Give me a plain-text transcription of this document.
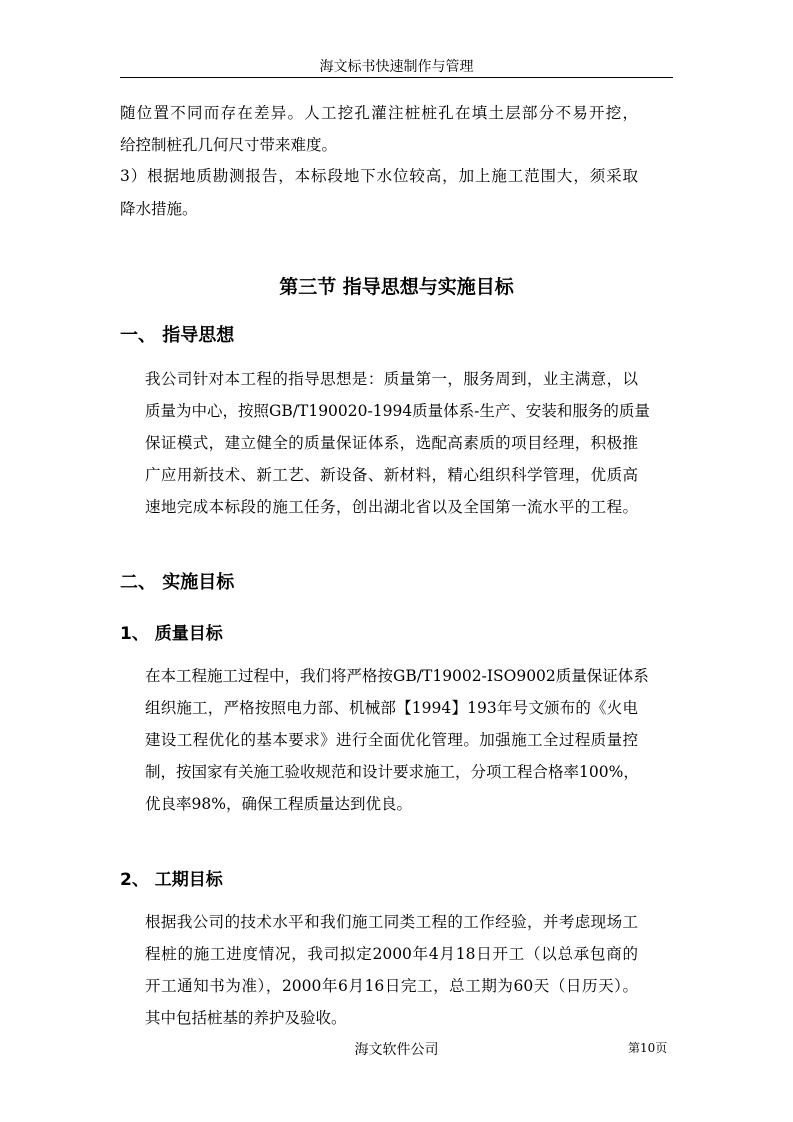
海文标书快速制作与管理
随位置不同而存在差异。人工挖孔灌注桩桩孔在填土层部分不易开挖，
给控制桩孔几何尺寸带来难度。
3）根据地质勘测报告，本标段地下水位较高，加上施工范围大，须采取
降水措施。
第三节 指导思想与实施目标
一、 指导思想
我公司针对本工程的指导思想是：质量第一，服务周到，业主满意，以
质量为中心，按照GB/T190020-1994质量体系-生产、安装和服务的质量
保证模式，建立健全的质量保证体系，选配高素质的项目经理，积极推
广应用新技术、新工艺、新设备、新材料，精心组织科学管理，优质高
速地完成本标段的施工任务，创出湖北省以及全国第一流水平的工程。
二、 实施目标
1、 质量目标
在本工程施工过程中，我们将严格按GB/T19002-ISO9002质量保证体系
组织施工，严格按照电力部、机械部【1994】193年号文颁布的《火电
建设工程优化的基本要求》进行全面优化管理。加强施工全过程质量控
制，按国家有关施工验收规范和设计要求施工，分项工程合格率100%，
优良率98%，确保工程质量达到优良。
2、 工期目标
根据我公司的技术水平和我们施工同类工程的工作经验，并考虑现场工
程桩的施工进度情况，我司拟定2000年4月18日开工（以总承包商的
开工通知书为准），2000年6月16日完工，总工期为60天（日历天）。
其中包括桩基的养护及验收。
海文软件公司	第10页
